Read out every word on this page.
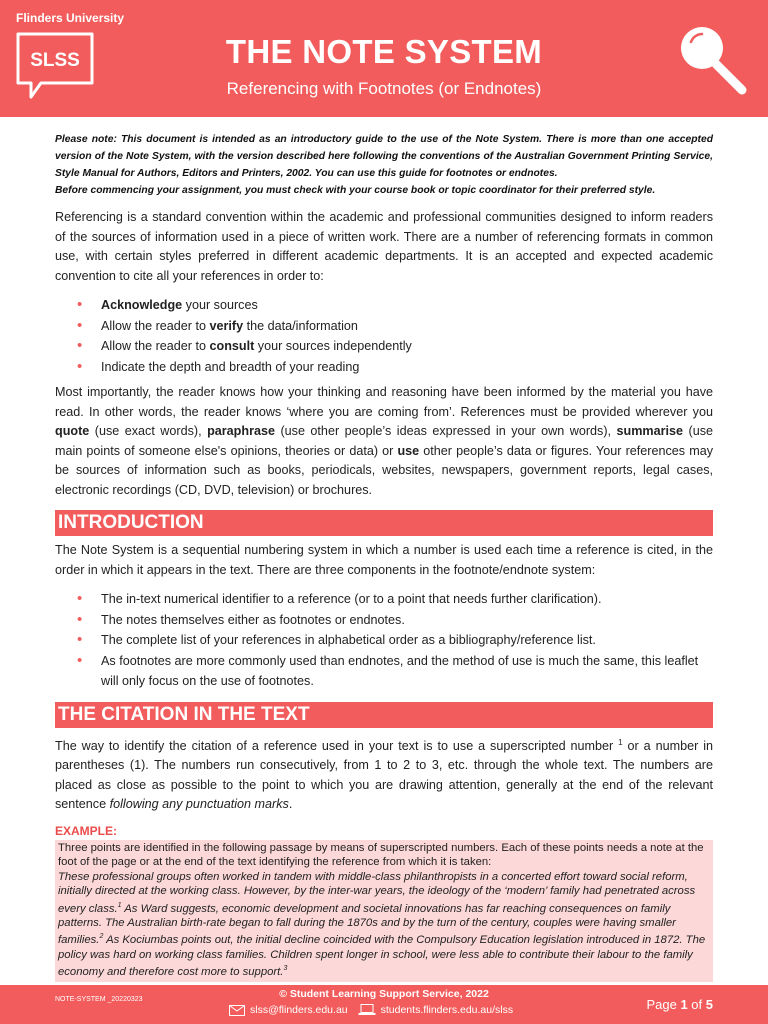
Flinders University
SLSS	THE NOTE SYSTEM
Referencing with Footnotes (or Endnotes)

Please note: This document is intended as an introductory guide to the use of the Note System. There is more than one accepted version of the Note System, with the version described here following the conventions of the Australian Government Printing Service, Style Manual for Authors, Editors and Printers, 2002. You can use this guide for footnotes or endnotes.
Before commencing your assignment, you must check with your course book or topic coordinator for their preferred style.

Referencing is a standard convention within the academic and professional communities designed to inform readers of the sources of information used in a piece of written work. There are a number of referencing formats in common use, with certain styles preferred in different academic departments. It is an accepted and expected academic convention to cite all your references in order to:

• Acknowledge your sources
• Allow the reader to verify the data/information
• Allow the reader to consult your sources independently
• Indicate the depth and breadth of your reading

Most importantly, the reader knows how your thinking and reasoning have been informed by the material you have read. In other words, the reader knows ‘where you are coming from’. References must be provided wherever you quote (use exact words), paraphrase (use other people’s ideas expressed in your own words), summarise (use main points of someone else's opinions, theories or data) or use other people’s data or figures. Your references may be sources of information such as books, periodicals, websites, newspapers, government reports, legal cases, electronic recordings (CD, DVD, television) or brochures.

INTRODUCTION

The Note System is a sequential numbering system in which a number is used each time a reference is cited, in the order in which it appears in the text. There are three components in the footnote/endnote system:

• The in-text numerical identifier to a reference (or to a point that needs further clarification).
• The notes themselves either as footnotes or endnotes.
• The complete list of your references in alphabetical order as a bibliography/reference list.
• As footnotes are more commonly used than endnotes, and the method of use is much the same, this leaflet will only focus on the use of footnotes.
THE CITATION IN THE TEXT

The way to identify the citation of a reference used in your text is to use a superscripted number $^1$ or a number in parentheses (1). The numbers run consecutively, from 1 to 2 to 3, etc. through the whole text. The numbers are placed as close as possible to the point to which you are drawing attention, generally at the end of the relevant sentence following any punctuation marks.

EXAMPLE:
Three points are identified in the following passage by means of superscripted numbers. Each of these points needs a note at the foot of the page or at the end of the text identifying the reference from which it is taken:
These professional groups often worked in tandem with middle-class philanthropists in a concerted effort toward social reform, initially directed at the working class. However, by the inter-war years, the ideology of the ‘modern’ family had penetrated across every class.$^1$ As Ward suggests, economic development and societal innovations has far reaching consequences on family patterns. The Australian birth-rate began to fall during the 1870s and by the turn of the century, couples were having smaller families.$^2$ As Kociumbas points out, the initial decline coincided with the Compulsory Education legislation introduced in 1872. The policy was hard on working class families. Children spent longer in school, were less able to contribute their labour to the family economy and therefore cost more to support.$^3$
NOTE-SYSTEM _20220323	© Student Learning Support Service, 2022
slss@flinders.edu.au	students.flinders.edu.au/slss	Page 1 of 5
